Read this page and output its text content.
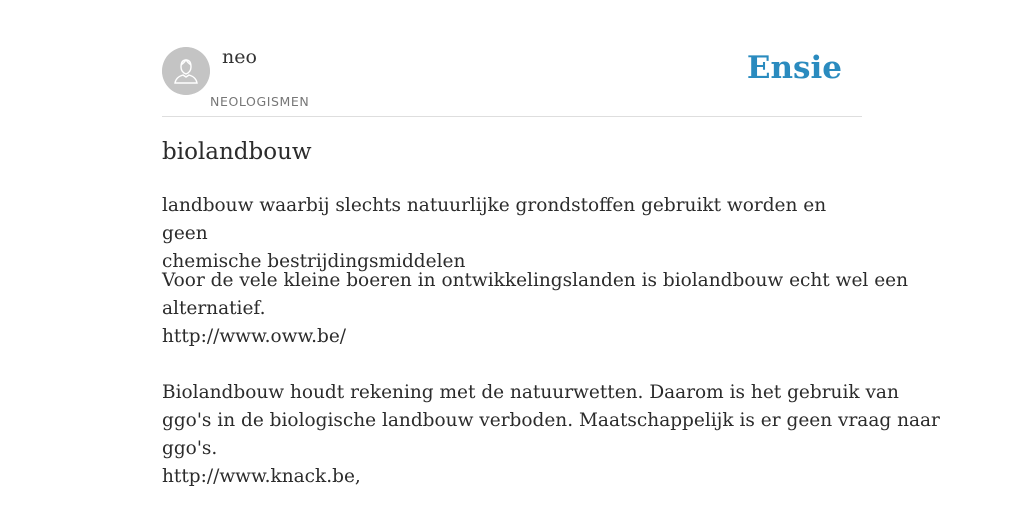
neo
NEOLOGISMEN
Ensie
biolandbouw

landbouw waarbij slechts natuurlijke grondstoffen gebruikt worden en geen
chemische bestrijdingsmiddelen

Voor de vele kleine boeren in ontwikkelingslanden is biolandbouw echt wel een
alternatief.
http://www.oww.be/
Biolandbouw houdt rekening met de natuurwetten. Daarom is het gebruik van
ggo's in de biologische landbouw verboden. Maatschappelijk is er geen vraag naar
ggo's.
http://www.knack.be,
